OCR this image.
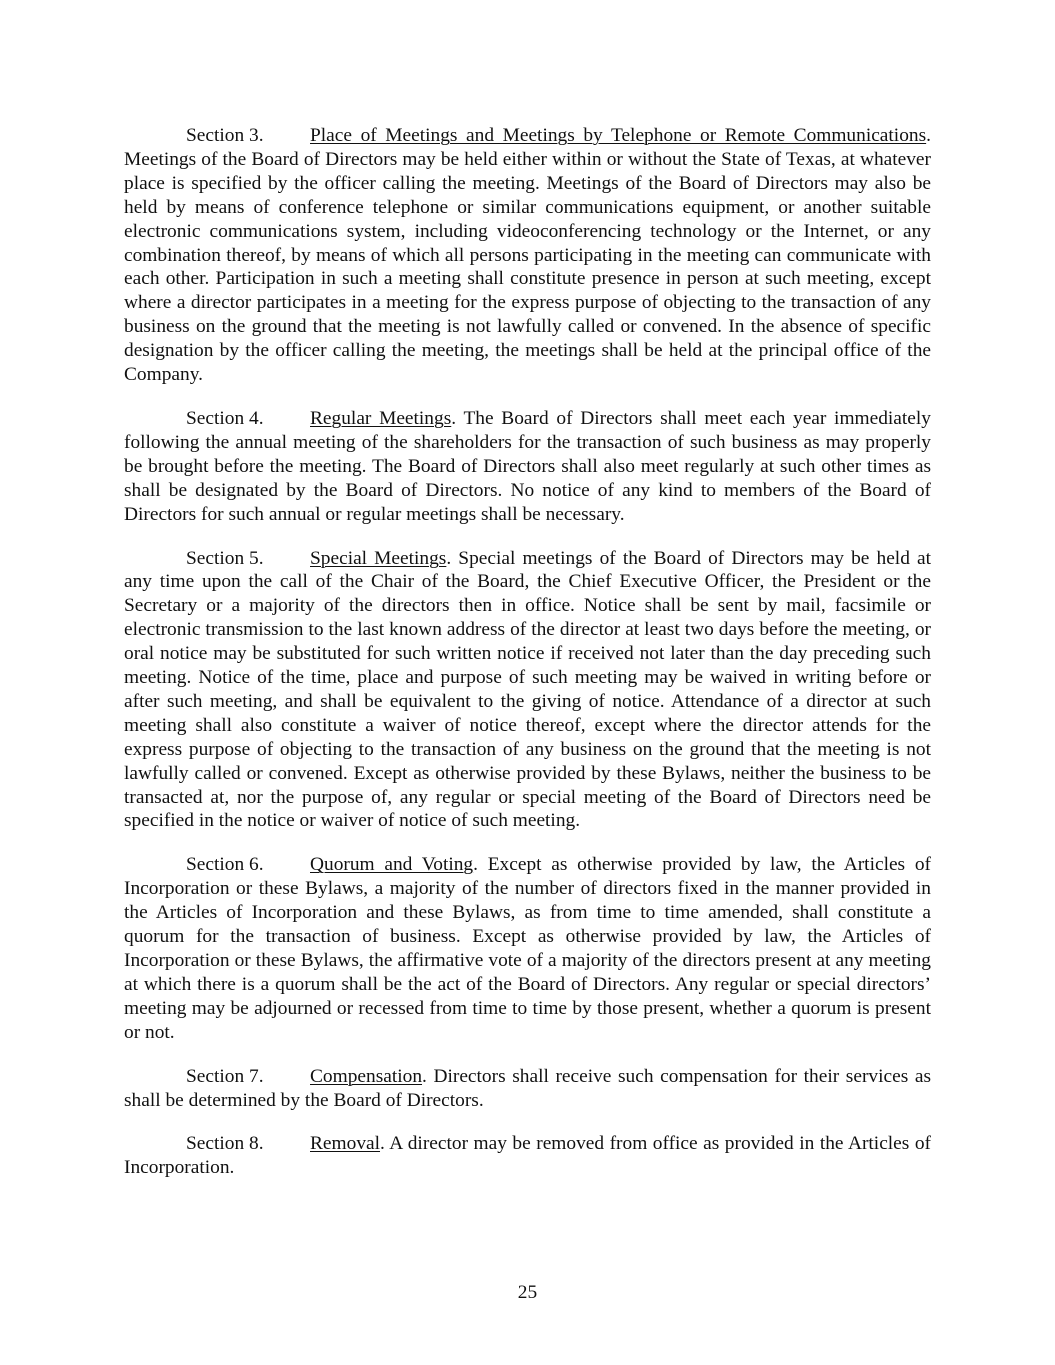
Section 3. Place of Meetings and Meetings by Telephone or Remote Communications. Meetings of the Board of Directors may be held either within or without the State of Texas, at whatever place is specified by the officer calling the meeting. Meetings of the Board of Directors may also be held by means of conference telephone or similar communications equipment, or another suitable electronic communications system, including videoconferencing technology or the Internet, or any combination thereof, by means of which all persons participating in the meeting can communicate with each other. Participation in such a meeting shall constitute presence in person at such meeting, except where a director participates in a meeting for the express purpose of objecting to the transaction of any business on the ground that the meeting is not lawfully called or convened. In the absence of specific designation by the officer calling the meeting, the meetings shall be held at the principal office of the Company.

Section 4. Regular Meetings. The Board of Directors shall meet each year immediately following the annual meeting of the shareholders for the transaction of such business as may properly be brought before the meeting. The Board of Directors shall also meet regularly at such other times as shall be designated by the Board of Directors. No notice of any kind to members of the Board of Directors for such annual or regular meetings shall be necessary.

Section 5. Special Meetings. Special meetings of the Board of Directors may be held at any time upon the call of the Chair of the Board, the Chief Executive Officer, the President or the Secretary or a majority of the directors then in office. Notice shall be sent by mail, facsimile or electronic transmission to the last known address of the director at least two days before the meeting, or oral notice may be substituted for such written notice if received not later than the day preceding such meeting. Notice of the time, place and purpose of such meeting may be waived in writing before or after such meeting, and shall be equivalent to the giving of notice. Attendance of a director at such meeting shall also constitute a waiver of notice thereof, except where the director attends for the express purpose of objecting to the transaction of any business on the ground that the meeting is not lawfully called or convened. Except as otherwise provided by these Bylaws, neither the business to be transacted at, nor the purpose of, any regular or special meeting of the Board of Directors need be specified in the notice or waiver of notice of such meeting.

Section 6. Quorum and Voting. Except as otherwise provided by law, the Articles of Incorporation or these Bylaws, a majority of the number of directors fixed in the manner provided in the Articles of Incorporation and these Bylaws, as from time to time amended, shall constitute a quorum for the transaction of business. Except as otherwise provided by law, the Articles of Incorporation or these Bylaws, the affirmative vote of a majority of the directors present at any meeting at which there is a quorum shall be the act of the Board of Directors. Any regular or special directors’ meeting may be adjourned or recessed from time to time by those present, whether a quorum is present or not.

Section 7. Compensation. Directors shall receive such compensation for their services as shall be determined by the Board of Directors.

Section 8. Removal. A director may be removed from office as provided in the Articles of Incorporation.

25
